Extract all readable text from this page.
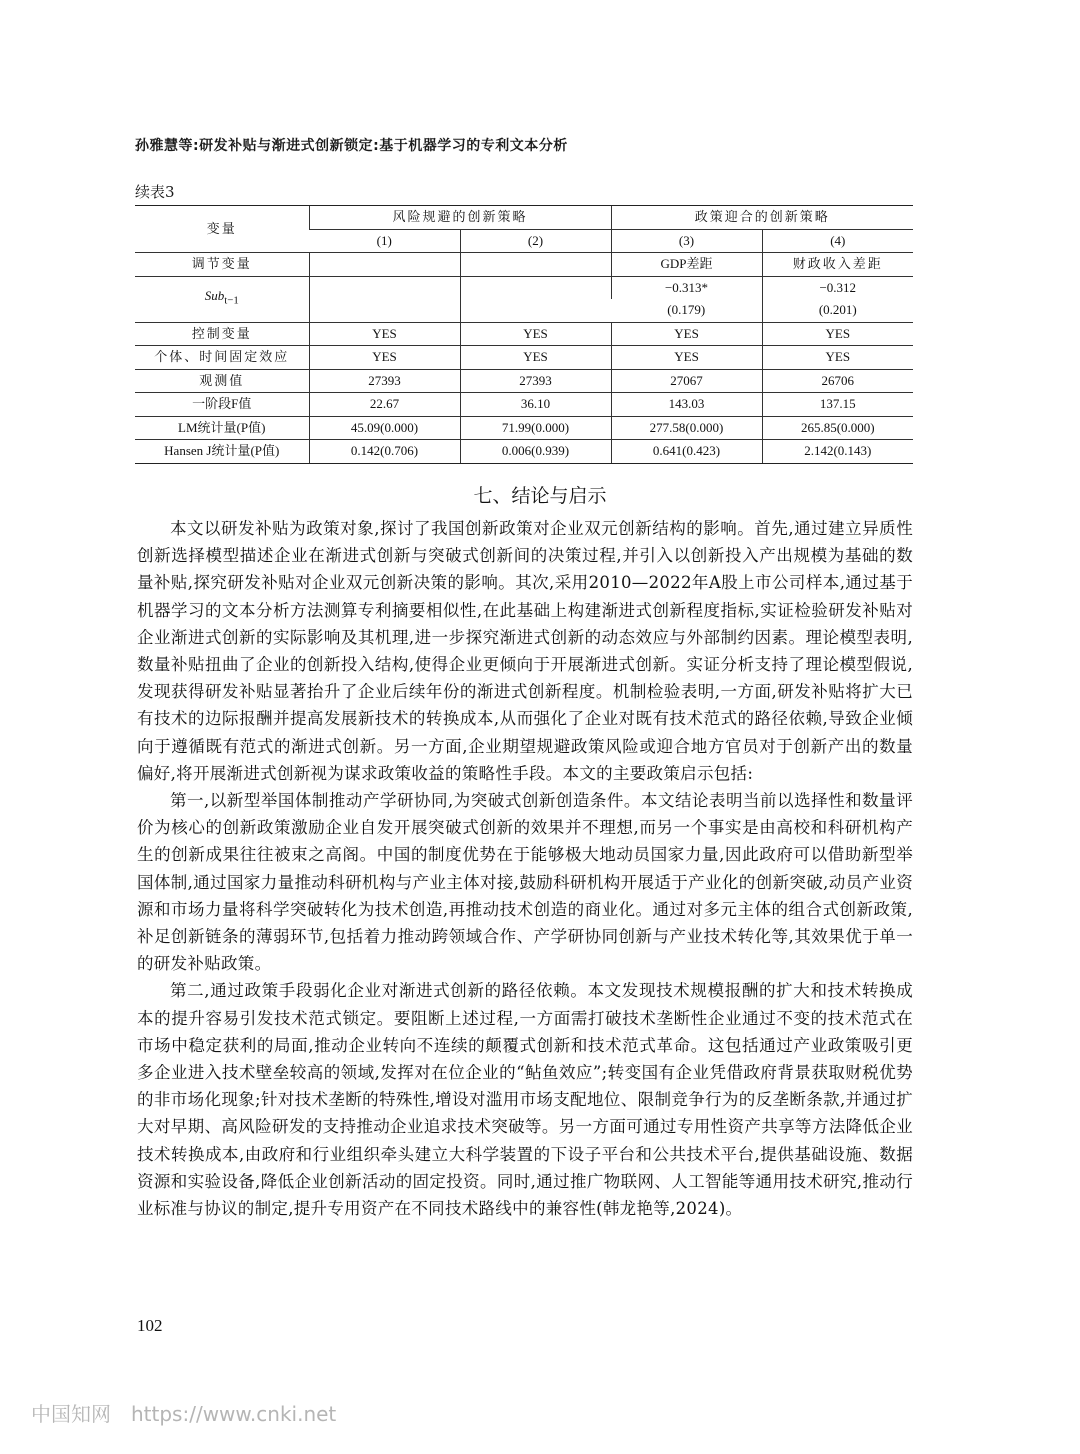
孙雅慧等:研发补贴与渐进式创新锁定:基于机器学习的专利文本分析
续表3
变量	风险规避的创新策略		政策迎合的创新策略	
	(1)	(2)	(3)	(4)
调节变量			GDP差距	财政收入差距
Sub$_{t-1}$			−0.313*	−0.312
			(0.179)	(0.201)
控制变量	YES	YES	YES	YES
个体、时间固定效应	YES	YES	YES	YES
观测值	27393	27393	27067	26706
一阶段F值	22.67	36.10	143.03	137.15
LM统计量(P值)	45.09(0.000)	71.99(0.000)	277.58(0.000)	265.85(0.000)
Hansen J统计量(P值)	0.142(0.706)	0.006(0.939)	0.641(0.423)	2.142(0.143)
七、结论与启示

本文以研发补贴为政策对象,探讨了我国创新政策对企业双元创新结构的影响。首先,通过建立异质性创新选择模型描述企业在渐进式创新与突破式创新间的决策过程,并引入以创新投入产出规模为基础的数量补贴,探究研发补贴对企业双元创新决策的影响。其次,采用2010—2022年A股上市公司样本,通过基于机器学习的文本分析方法测算专利摘要相似性,在此基础上构建渐进式创新程度指标,实证检验研发补贴对企业渐进式创新的实际影响及其机理,进一步探究渐进式创新的动态效应与外部制约因素。理论模型表明,数量补贴扭曲了企业的创新投入结构,使得企业更倾向于开展渐进式创新。实证分析支持了理论模型假说,发现获得研发补贴显著抬升了企业后续年份的渐进式创新程度。机制检验表明,一方面,研发补贴将扩大已有技术的边际报酬并提高发展新技术的转换成本,从而强化了企业对既有技术范式的路径依赖,导致企业倾向于遵循既有范式的渐进式创新。另一方面,企业期望规避政策风险或迎合地方官员对于创新产出的数量偏好,将开展渐进式创新视为谋求政策收益的策略性手段。本文的主要政策启示包括:

第一,以新型举国体制推动产学研协同,为突破式创新创造条件。本文结论表明当前以选择性和数量评价为核心的创新政策激励企业自发开展突破式创新的效果并不理想,而另一个事实是由高校和科研机构产生的创新成果往往被束之高阁。中国的制度优势在于能够极大地动员国家力量,因此政府可以借助新型举国体制,通过国家力量推动科研机构与产业主体对接,鼓励科研机构开展适于产业化的创新突破,动员产业资源和市场力量将科学突破转化为技术创造,再推动技术创造的商业化。通过对多元主体的组合式创新政策,补足创新链条的薄弱环节,包括着力推动跨领域合作、产学研协同创新与产业技术转化等,其效果优于单一的研发补贴政策。

第二,通过政策手段弱化企业对渐进式创新的路径依赖。本文发现技术规模报酬的扩大和技术转换成本的提升容易引发技术范式锁定。要阻断上述过程,一方面需打破技术垄断性企业通过不变的技术范式在市场中稳定获利的局面,推动企业转向不连续的颠覆式创新和技术范式革命。这包括通过产业政策吸引更多企业进入技术壁垒较高的领域,发挥对在位企业的“鲇鱼效应”;转变国有企业凭借政府背景获取财税优势的非市场化现象;针对技术垄断的特殊性,增设对滥用市场支配地位、限制竞争行为的反垄断条款,并通过扩大对早期、高风险研发的支持推动企业追求技术突破等。另一方面可通过专用性资产共享等方法降低企业技术转换成本,由政府和行业组织牵头建立大科学装置的下设子平台和公共技术平台,提供基础设施、数据资源和实验设备,降低企业创新活动的固定投资。同时,通过推广物联网、人工智能等通用技术研究,推动行业标准与协议的制定,提升专用资产在不同技术路线中的兼容性(韩龙艳等,2024)。

102
中国知网 https://www.cnki.net
